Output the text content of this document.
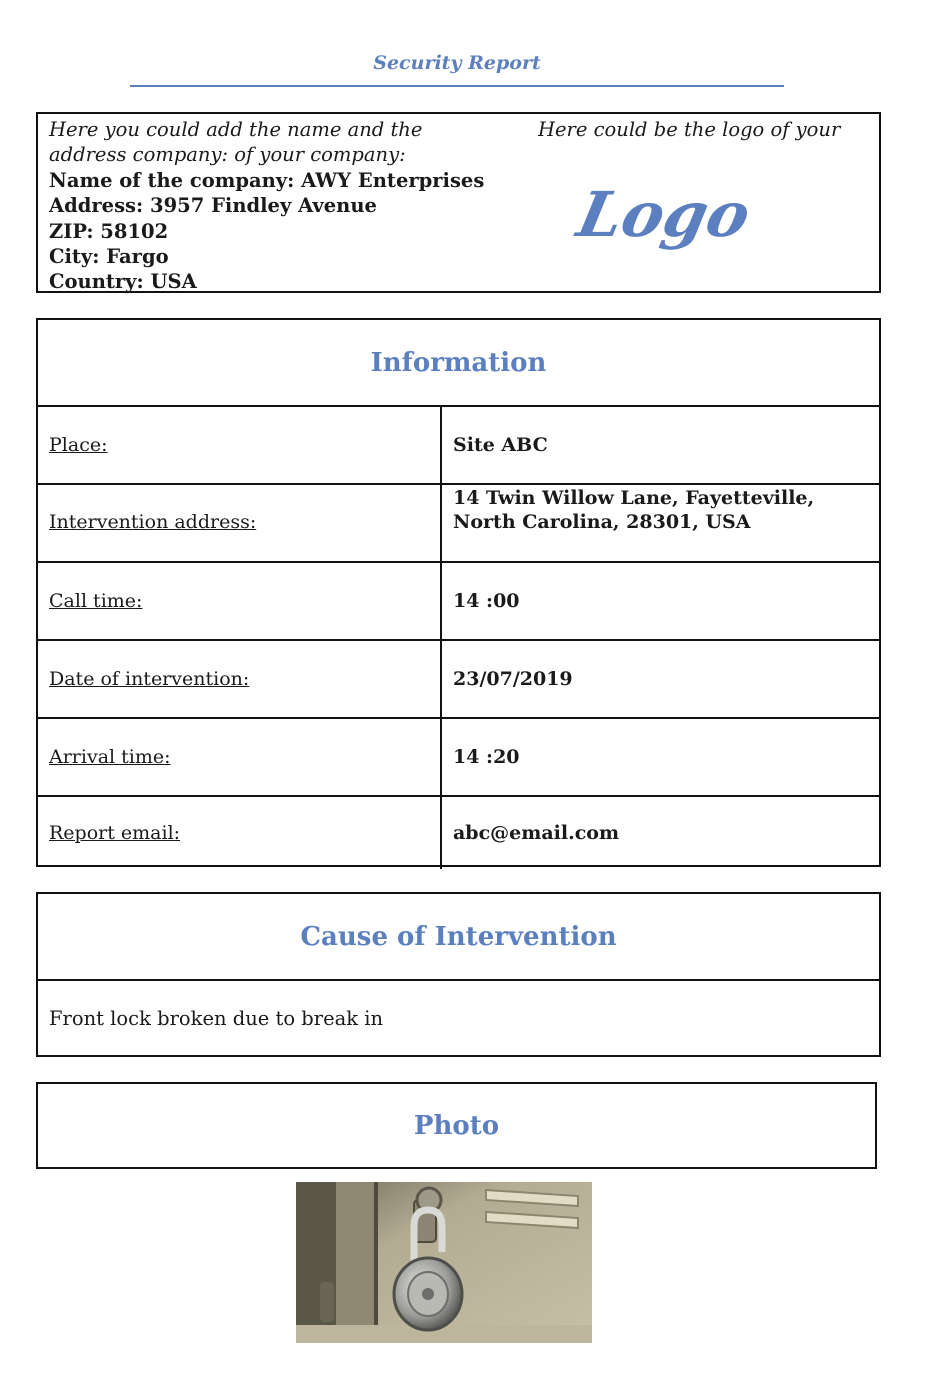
Security Report
Here you could add the name and the address company: of your company:
Name of the company: AWY Enterprises
Address: 3957 Findley Avenue
ZIP: 58102
City: Fargo
Country: USA
Here could be the logo of your
Logo
Information
Place:	Site ABC
Intervention address:
14 Twin Willow Lane, Fayetteville, North Carolina, 28301, USA
Call time:	14 :00
Date of intervention:	23/07/2019
Arrival time:	14 :20
Report email:	abc@email.com
Cause of Intervention
Front lock broken due to break in
Photo
